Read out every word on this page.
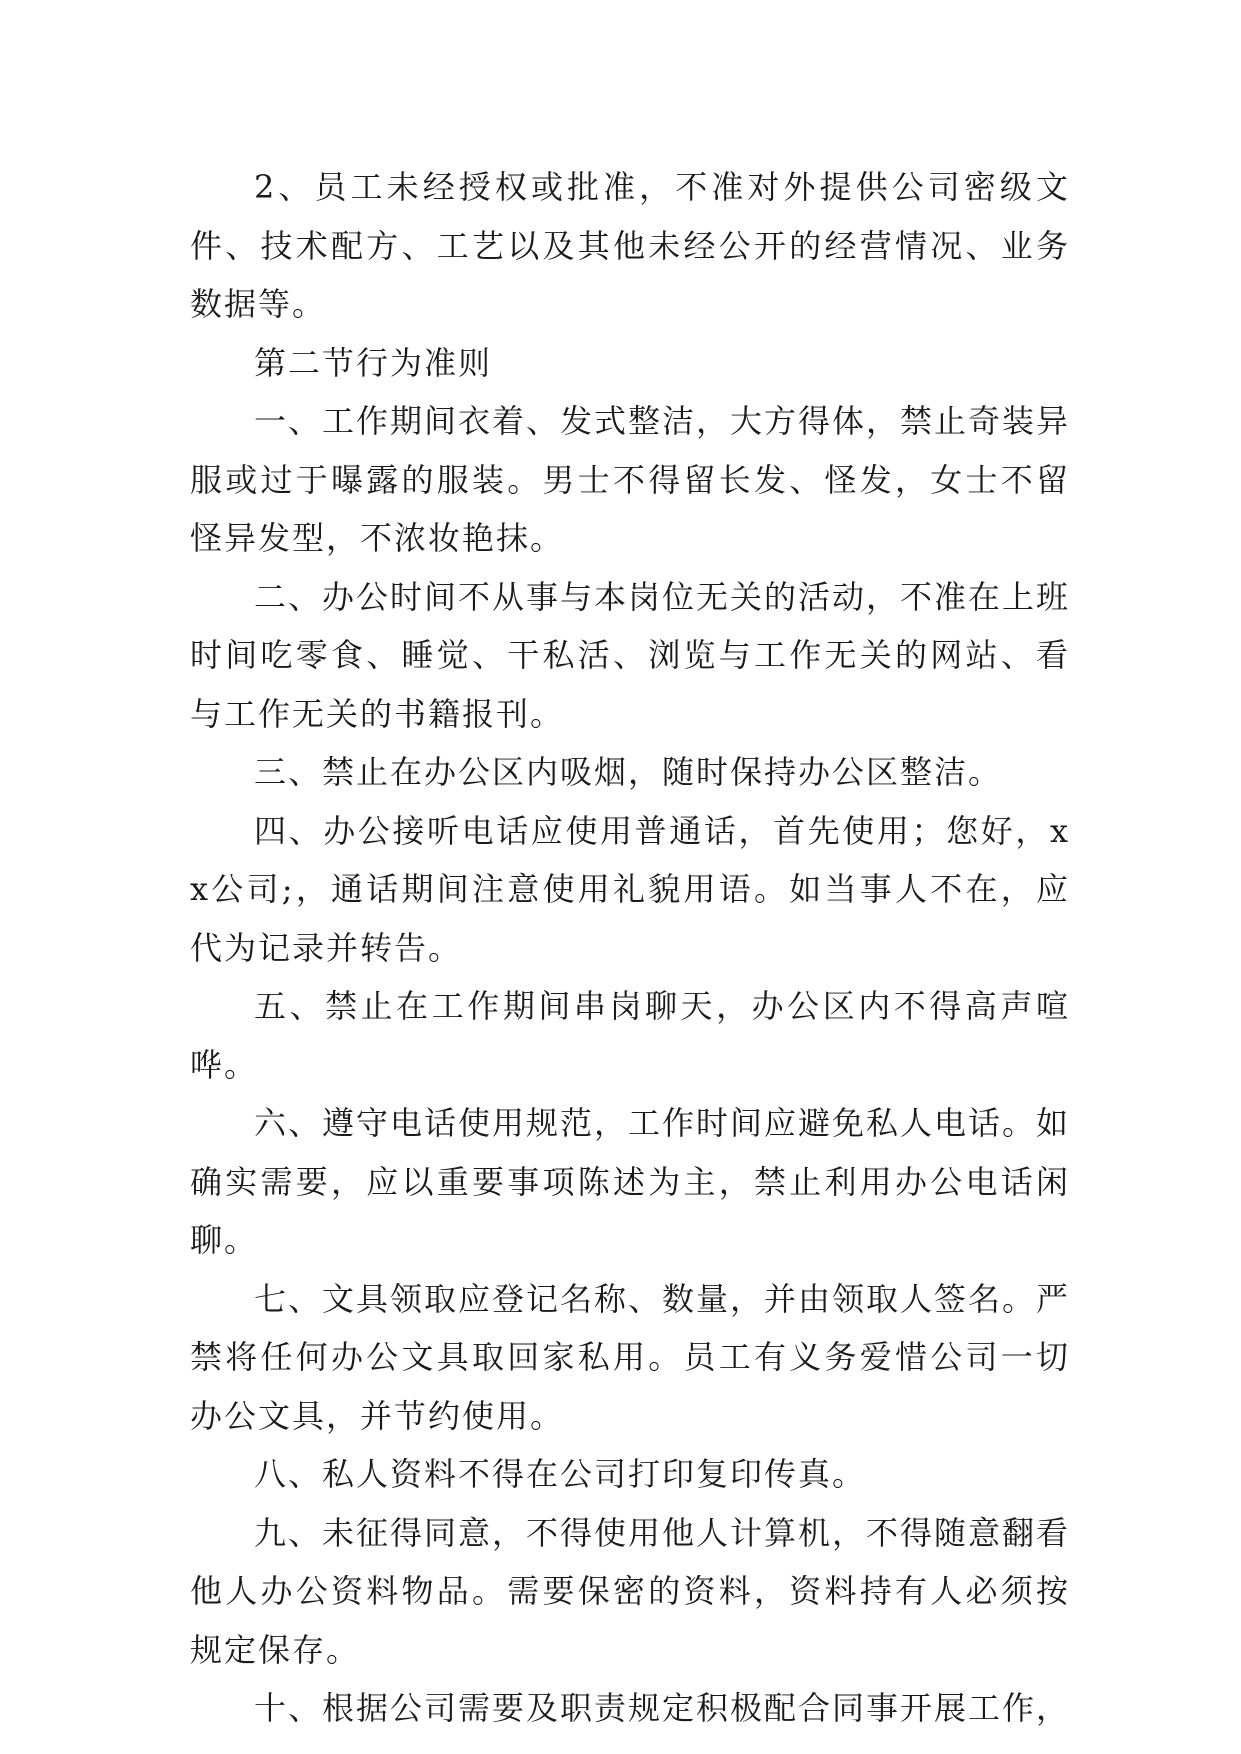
2、员工未经授权或批准，不准对外提供公司密级文件、技术配方、工艺以及其他未经公开的经营情况、业务数据等。

第二节行为准则

一、工作期间衣着、发式整洁，大方得体，禁止奇装异服或过于曝露的服装。男士不得留长发、怪发，女士不留怪异发型，不浓妆艳抹。

二、办公时间不从事与本岗位无关的活动，不准在上班时间吃零食、睡觉、干私活、浏览与工作无关的网站、看与工作无关的书籍报刊。

三、禁止在办公区内吸烟，随时保持办公区整洁。

四、办公接听电话应使用普通话，首先使用；您好，xx公司;，通话期间注意使用礼貌用语。如当事人不在，应代为记录并转告。

五、禁止在工作期间串岗聊天，办公区内不得高声喧哗。

六、遵守电话使用规范，工作时间应避免私人电话。如确实需要，应以重要事项陈述为主，禁止利用办公电话闲聊。

七、文具领取应登记名称、数量，并由领取人签名。严禁将任何办公文具取回家私用。员工有义务爱惜公司一切办公文具，并节约使用。

八、私人资料不得在公司打印复印传真。

九、未征得同意，不得使用他人计算机，不得随意翻看他人办公资料物品。需要保密的资料，资料持有人必须按规定保存。

十、根据公司需要及职责规定积极配合同事开展工作，
